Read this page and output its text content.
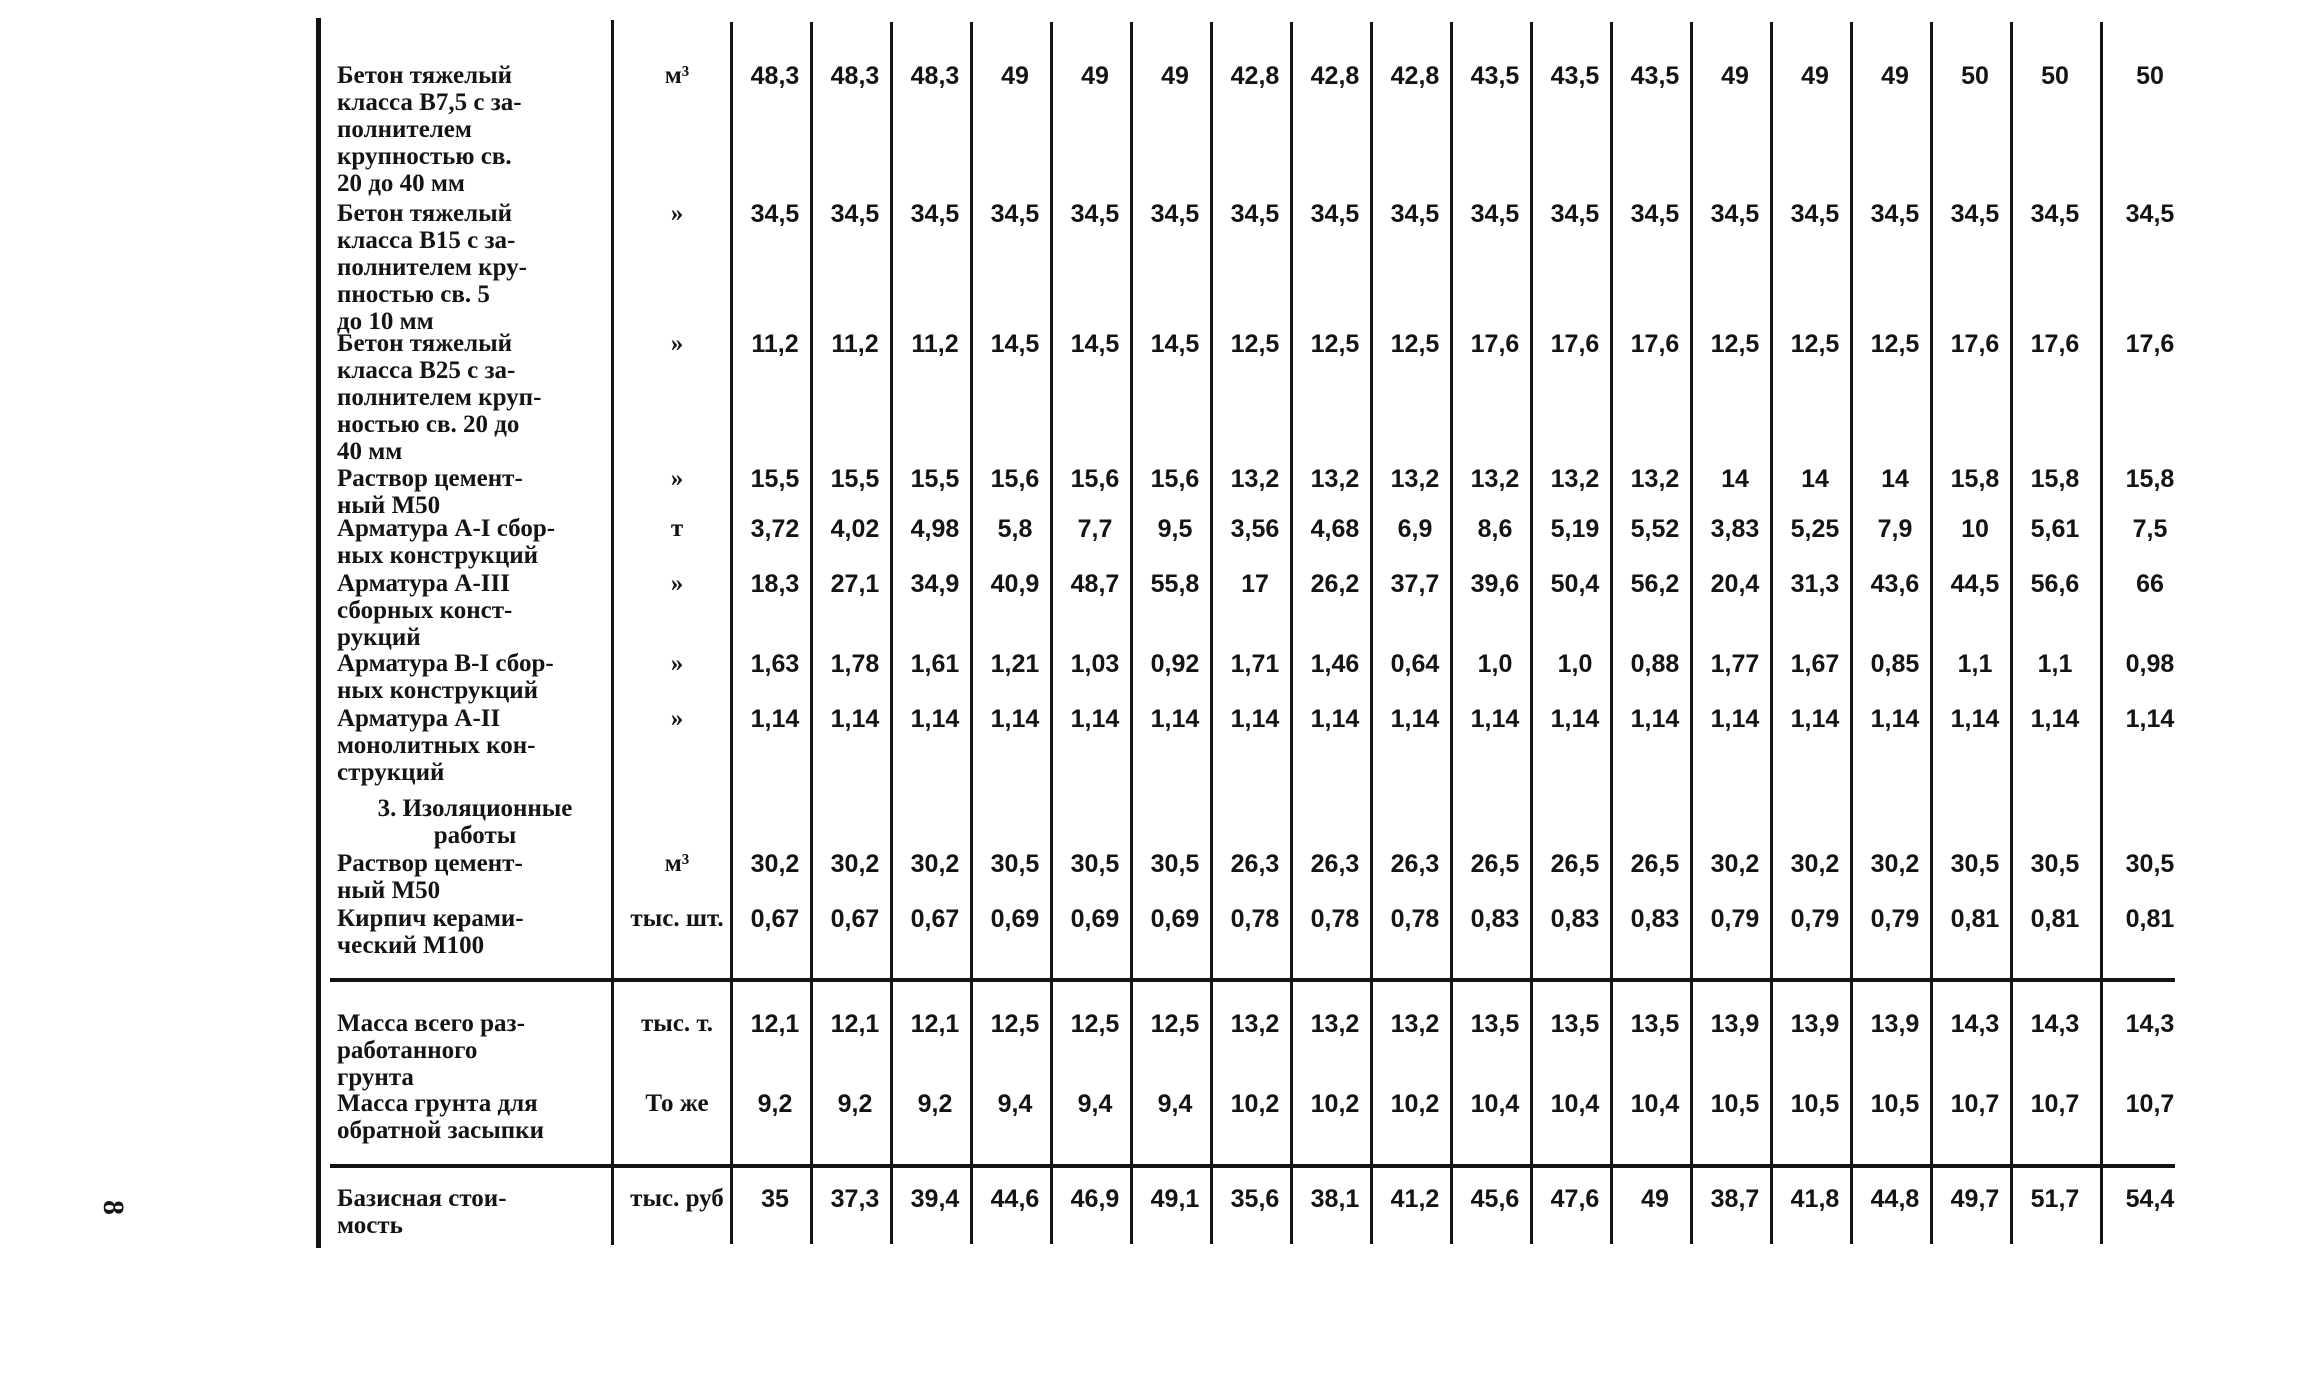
8
Бетон тяжелый
класса В7,5 с за-
полнителем
крупностью св.
20 до 40 мм
м³	48,3	48,3	48,3	49	49	49	42,8	42,8	42,8	43,5	43,5	43,5	49	49	49	50	50	50
Бетон тяжелый
класса В15 с за-
полнителем кру-
пностью св. 5
до 10 мм
»	34,5	34,5	34,5	34,5	34,5	34,5	34,5	34,5	34,5	34,5	34,5	34,5	34,5	34,5	34,5	34,5	34,5	34,5
Бетон тяжелый
класса В25 с за-
полнителем круп-
ностью св. 20 до
40 мм
»	11,2	11,2	11,2	14,5	14,5	14,5	12,5	12,5	12,5	17,6	17,6	17,6	12,5	12,5	12,5	17,6	17,6	17,6
Раствор цемент-
ный М50
»	15,5	15,5	15,5	15,6	15,6	15,6	13,2	13,2	13,2	13,2	13,2	13,2	14	14	14	15,8	15,8	15,8
Арматура А-I сбор-
ных конструкций
т	3,72	4,02	4,98	5,8	7,7	9,5	3,56	4,68	6,9	8,6	5,19	5,52	3,83	5,25	7,9	10	5,61	7,5
Арматура А-III
сборных конст-
рукций
»	18,3	27,1	34,9	40,9	48,7	55,8	17	26,2	37,7	39,6	50,4	56,2	20,4	31,3	43,6	44,5	56,6	66
Арматура В-I сбор-
ных конструкций
»	1,63	1,78	1,61	1,21	1,03	0,92	1,71	1,46	0,64	1,0	1,0	0,88	1,77	1,67	0,85	1,1	1,1	0,98
Арматура А-II
монолитных кон-
струкций
»	1,14	1,14	1,14	1,14	1,14	1,14	1,14	1,14	1,14	1,14	1,14	1,14	1,14	1,14	1,14	1,14	1,14	1,14
3. Изоляционные
работы
Раствор цемент-
ный М50
м³	30,2	30,2	30,2	30,5	30,5	30,5	26,3	26,3	26,3	26,5	26,5	26,5	30,2	30,2	30,2	30,5	30,5	30,5
Кирпич керами-
ческий М100
тыс. шт.	0,67	0,67	0,67	0,69	0,69	0,69	0,78	0,78	0,78	0,83	0,83	0,83	0,79	0,79	0,79	0,81	0,81	0,81
Масса всего раз-
работанного
грунта
тыс. т.	12,1	12,1	12,1	12,5	12,5	12,5	13,2	13,2	13,2	13,5	13,5	13,5	13,9	13,9	13,9	14,3	14,3	14,3
Масса грунта для
обратной засыпки
То же	9,2	9,2	9,2	9,4	9,4	9,4	10,2	10,2	10,2	10,4	10,4	10,4	10,5	10,5	10,5	10,7	10,7	10,7
Базисная стои-
мость
тыс. руб	35	37,3	39,4	44,6	46,9	49,1	35,6	38,1	41,2	45,6	47,6	49	38,7	41,8	44,8	49,7	51,7	54,4
